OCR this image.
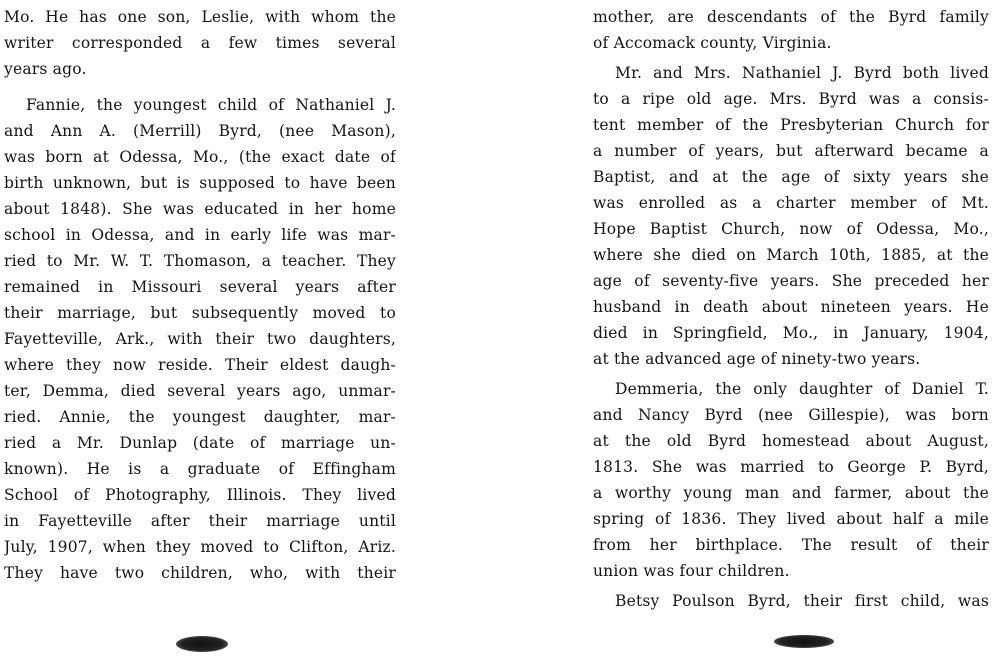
Mo. He has one son, Leslie, with whom the
writer corresponded a few times several
years ago.
Fannie, the youngest child of Nathaniel J.
and Ann A. (Merrill) Byrd, (nee Mason),
was born at Odessa, Mo., (the exact date of
birth unknown, but is supposed to have been
about 1848). She was educated in her home
school in Odessa, and in early life was mar-
ried to Mr. W. T. Thomason, a teacher. They
remained in Missouri several years after
their marriage, but subsequently moved to
Fayetteville, Ark., with their two daughters,
where they now reside. Their eldest daugh-
ter, Demma, died several years ago, unmar-
ried. Annie, the youngest daughter, mar-
ried a Mr. Dunlap (date of marriage un-
known). He is a graduate of Effingham
School of Photography, Illinois. They lived
in Fayetteville after their marriage until
July, 1907, when they moved to Clifton, Ariz.
They have two children, who, with their
mother, are descendants of the Byrd family
of Accomack county, Virginia.
Mr. and Mrs. Nathaniel J. Byrd both lived
to a ripe old age. Mrs. Byrd was a consis-
tent member of the Presbyterian Church for
a number of years, but afterward became a
Baptist, and at the age of sixty years she
was enrolled as a charter member of Mt.
Hope Baptist Church, now of Odessa, Mo.,
where she died on March 10th, 1885, at the
age of seventy-five years. She preceded her
husband in death about nineteen years. He
died in Springfield, Mo., in January, 1904,
at the advanced age of ninety-two years.
Demmeria, the only daughter of Daniel T.
and Nancy Byrd (nee Gillespie), was born
at the old Byrd homestead about August,
1813. She was married to George P. Byrd,
a worthy young man and farmer, about the
spring of 1836. They lived about half a mile
from her birthplace. The result of their
union was four children.
Betsy Poulson Byrd, their first child, was
